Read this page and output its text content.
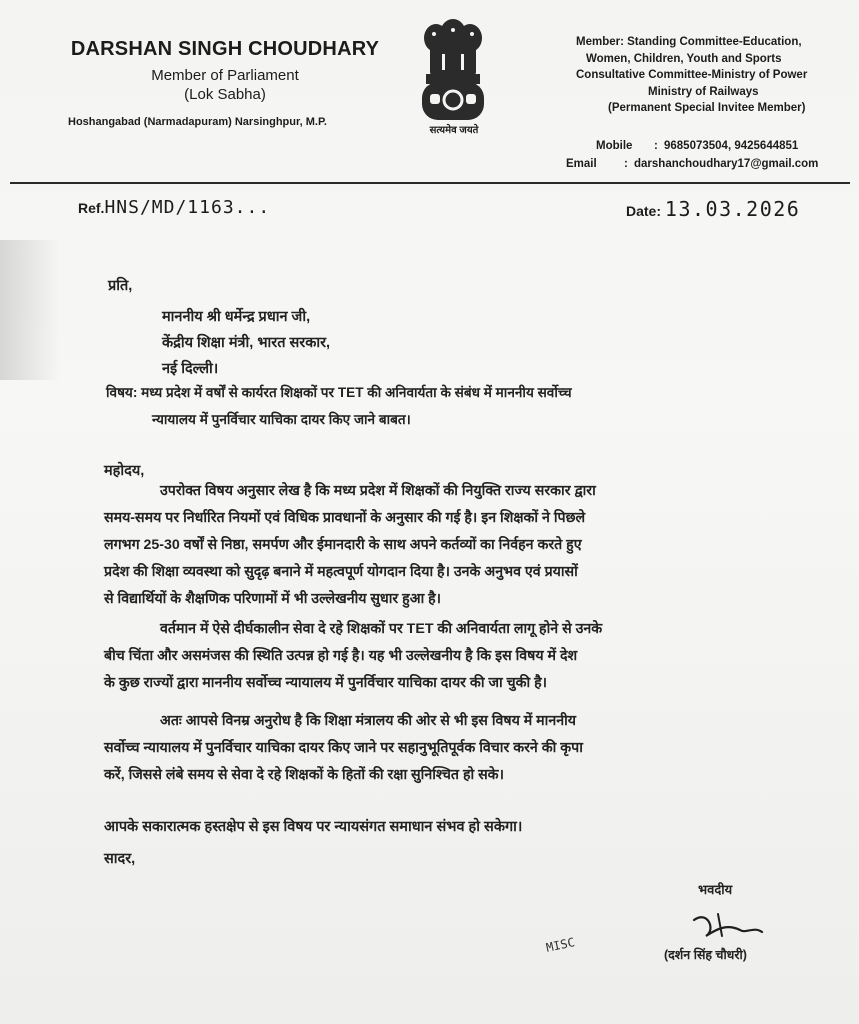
DARSHAN SINGH CHOUDHARY
Member of Parliament
(Lok Sabha)
Hoshangabad (Narmadapuram) Narsinghpur, M.P.
सत्यमेव जयते
Member: Standing Committee-Education,
Women, Children, Youth and Sports
Consultative Committee-Ministry of Power
Ministry of Railways
(Permanent Special Invitee Member)
Mobile	: 9685073504, 9425644851
Email	: darshanchoudhary17@gmail.com
Ref.HNS/MD/1163...	Date: 13.03.2026
प्रति,
माननीय श्री धर्मेन्द्र प्रधान जी,
केंद्रीय शिक्षा मंत्री, भारत सरकार,
नई दिल्ली।
विषय: मध्य प्रदेश में वर्षों से कार्यरत शिक्षकों पर TET की अनिवार्यता के संबंध में माननीय सर्वोच्च
न्यायालय में पुनर्विचार याचिका दायर किए जाने बाबत।
महोदय,
उपरोक्त विषय अनुसार लेख है कि मध्य प्रदेश में शिक्षकों की नियुक्ति राज्य सरकार द्वारा
समय-समय पर निर्धारित नियमों एवं विधिक प्रावधानों के अनुसार की गई है। इन शिक्षकों ने पिछले
लगभग 25-30 वर्षों से निष्ठा, समर्पण और ईमानदारी के साथ अपने कर्तव्यों का निर्वहन करते हुए
प्रदेश की शिक्षा व्यवस्था को सुदृढ़ बनाने में महत्वपूर्ण योगदान दिया है। उनके अनुभव एवं प्रयासों
से विद्यार्थियों के शैक्षणिक परिणामों में भी उल्लेखनीय सुधार हुआ है।
वर्तमान में ऐसे दीर्घकालीन सेवा दे रहे शिक्षकों पर TET की अनिवार्यता लागू होने से उनके
बीच चिंता और असमंजस की स्थिति उत्पन्न हो गई है। यह भी उल्लेखनीय है कि इस विषय में देश
के कुछ राज्यों द्वारा माननीय सर्वोच्च न्यायालय में पुनर्विचार याचिका दायर की जा चुकी है।
अतः आपसे विनम्र अनुरोध है कि शिक्षा मंत्रालय की ओर से भी इस विषय में माननीय
सर्वोच्च न्यायालय में पुनर्विचार याचिका दायर किए जाने पर सहानुभूतिपूर्वक विचार करने की कृपा
करें, जिससे लंबे समय से सेवा दे रहे शिक्षकों के हितों की रक्षा सुनिश्चित हो सके।
आपके सकारात्मक हस्तक्षेप से इस विषय पर न्यायसंगत समाधान संभव हो सकेगा।
सादर,
भवदीय
(दर्शन सिंह चौधरी)
MISC
